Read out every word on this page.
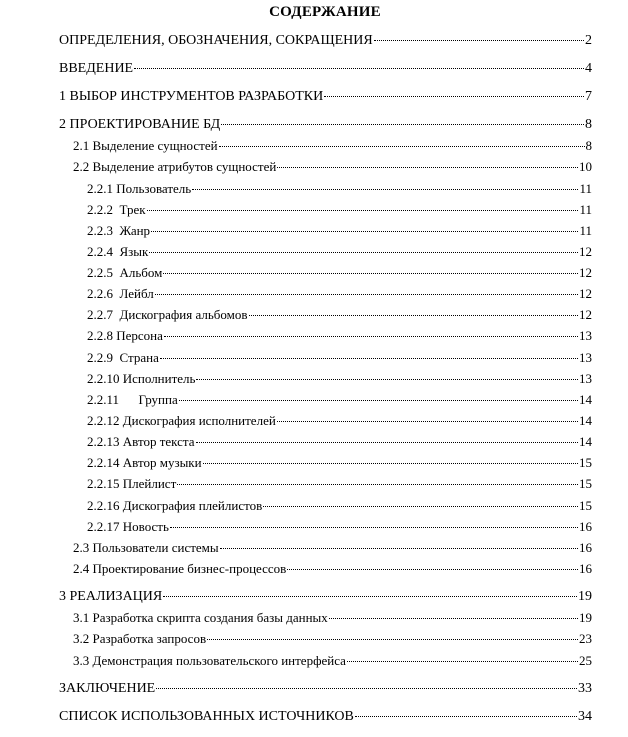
СОДЕРЖАНИЕ
ОПРЕДЕЛЕНИЯ, ОБОЗНАЧЕНИЯ, СОКРАЩЕНИЯ	2
ВВЕДЕНИЕ	4
1 ВЫБОР ИНСТРУМЕНТОВ РАЗРАБОТКИ	7
2 ПРОЕКТИРОВАНИЕ БД	8
2.1 Выделение сущностей	8
2.2 Выделение атрибутов сущностей	10
2.2.1 Пользователь	11
2.2.2  Трек	11
2.2.3  Жанр	11
2.2.4  Язык	12
2.2.5  Альбом	12
2.2.6  Лейбл	12
2.2.7  Дискография альбомов	12
2.2.8 Персона	13
2.2.9  Страна	13
2.2.10 Исполнитель	13
2.2.11      Группа	14
2.2.12 Дискография исполнителей	14
2.2.13 Автор текста	14
2.2.14 Автор музыки	15
2.2.15 Плейлист	15
2.2.16 Дискография плейлистов	15
2.2.17 Новость	16
2.3 Пользователи системы	16
2.4 Проектирование бизнес-процессов	16
3 РЕАЛИЗАЦИЯ	19
3.1 Разработка скрипта создания базы данных	19
3.2 Разработка запросов	23
3.3 Демонстрация пользовательского интерфейса	25
ЗАКЛЮЧЕНИЕ	33
СПИСОК ИСПОЛЬЗОВАННЫХ ИСТОЧНИКОВ	34
